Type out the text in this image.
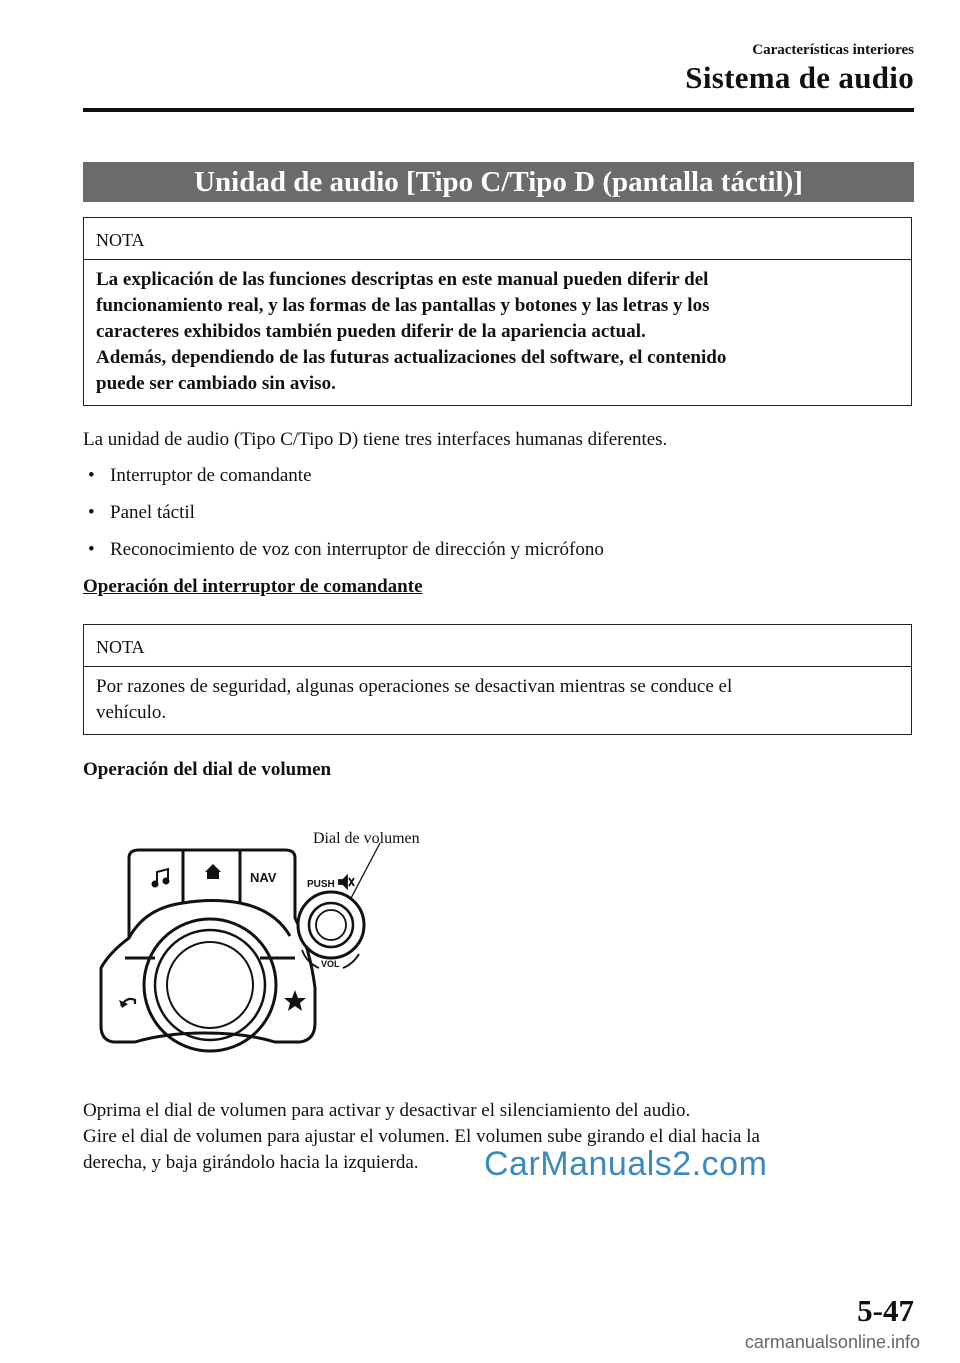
Características interiores
Sistema de audio
Unidad de audio [Tipo C/Tipo D (pantalla táctil)]
NOTA
La explicación de las funciones descriptas en este manual pueden diferir del
funcionamiento real, y las formas de las pantallas y botones y las letras y los
caracteres exhibidos también pueden diferir de la apariencia actual.
Además, dependiendo de las futuras actualizaciones del software, el contenido
puede ser cambiado sin aviso.
La unidad de audio (Tipo C/Tipo D) tiene tres interfaces humanas diferentes.
• Interruptor de comandante
• Panel táctil
• Reconocimiento de voz con interruptor de dirección y micrófono
Operación del interruptor de comandante
NOTA
Por razones de seguridad, algunas operaciones se desactivan mientras se conduce el
vehículo.
Operación del dial de volumen
Dial de volumen
NAV	PUSH
VOL
Oprima el dial de volumen para activar y desactivar el silenciamiento del audio.
Gire el dial de volumen para ajustar el volumen. El volumen sube girando el dial hacia la
derecha, y baja girándolo hacia la izquierda.	CarManuals2.com
5-47
carmanualsonline.info
